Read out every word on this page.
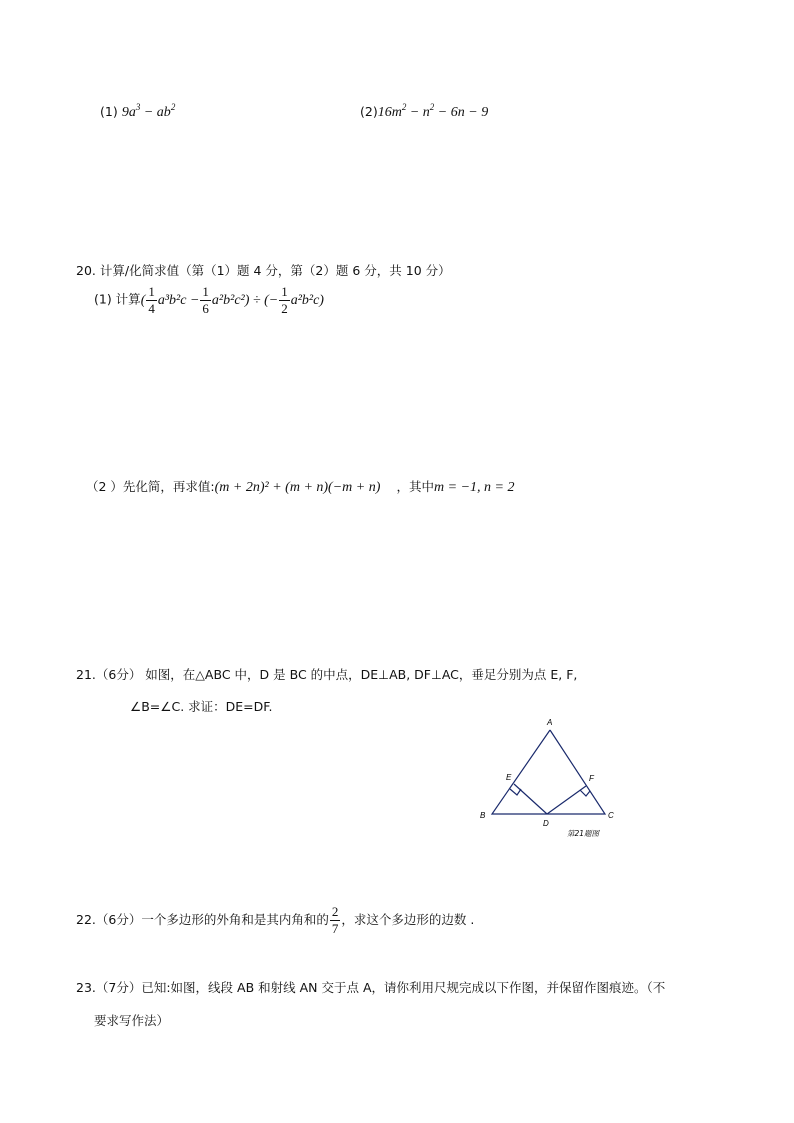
(1) $9a^3 - ab^2$	$(2)16m^2 - n^2 - 6n - 9$
20. 计算/化简求值（第（1）题 4 分，第（2）题 6 分，共 10 分）
(1) 计算( $\frac{1}{4} a^3b^2c - \frac{1}{6} a^2b^2c^2$) ÷ (− $\frac{1}{2} a^2b^2c$)
（2 ）先化简，再求值:(m + 2n)² + (m + n)(−m + n) ，其中m = −1, n = 2
21.（6分） 如图，在△ABC 中，D 是 BC 的中点，DE⊥AB, DF⊥AC，垂足分别为点 E, F,
∠B=∠C. 求证：DE=DF.
A
B	C
D
E	F
第21题图
22.（6分）一个多边形的外角和是其内角和的 $\frac{2}{7}$ ，求这个多边形的边数 .
23.（7分）已知:如图，线段 AB 和射线 AN 交于点 A，请你利用尺规完成以下作图，并保留作图痕迹。（不
要求写作法）
